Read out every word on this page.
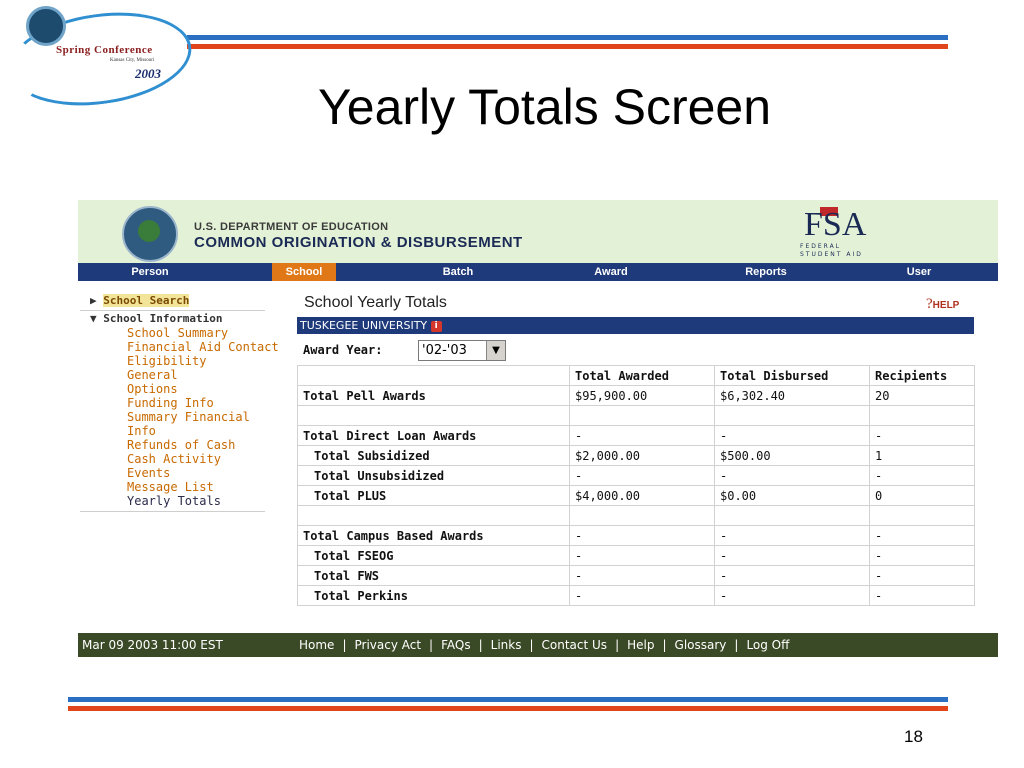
Spring Conference
Kansas City, Missouri
2003
Yearly Totals Screen
18
U.S. DEPARTMENT OF EDUCATION
COMMON ORIGINATION & DISBURSEMENT	FSA
FEDERAL
STUDENT AID
Person	School	Batch	Award	Reports	User
▶ School Search
▼ School Information
School Summary
Financial Aid Contact
Eligibility
General
Options
Funding Info
Summary Financial
Info
Refunds of Cash
Cash Activity
Events
Message List
Yearly Totals
School Yearly Totals	?HELP
TUSKEGEE UNIVERSITY i
Award Year:	'02-'03	▼
	Total Awarded	Total Disbursed	Recipients
Total Pell Awards	$95,900.00	$6,302.40	20

Total Direct Loan Awards	-	-	-
Total Subsidized	$2,000.00	$500.00	1
Total Unsubsidized	-	-	-
Total PLUS	$4,000.00	$0.00	0

Total Campus Based Awards	-	-	-
Total FSEOG	-	-	-
Total FWS	-	-	-
Total Perkins	-	-	-
Mar 09 2003 11:00 EST	Home | Privacy Act | FAQs | Links | Contact Us | Help | Glossary | Log Off
